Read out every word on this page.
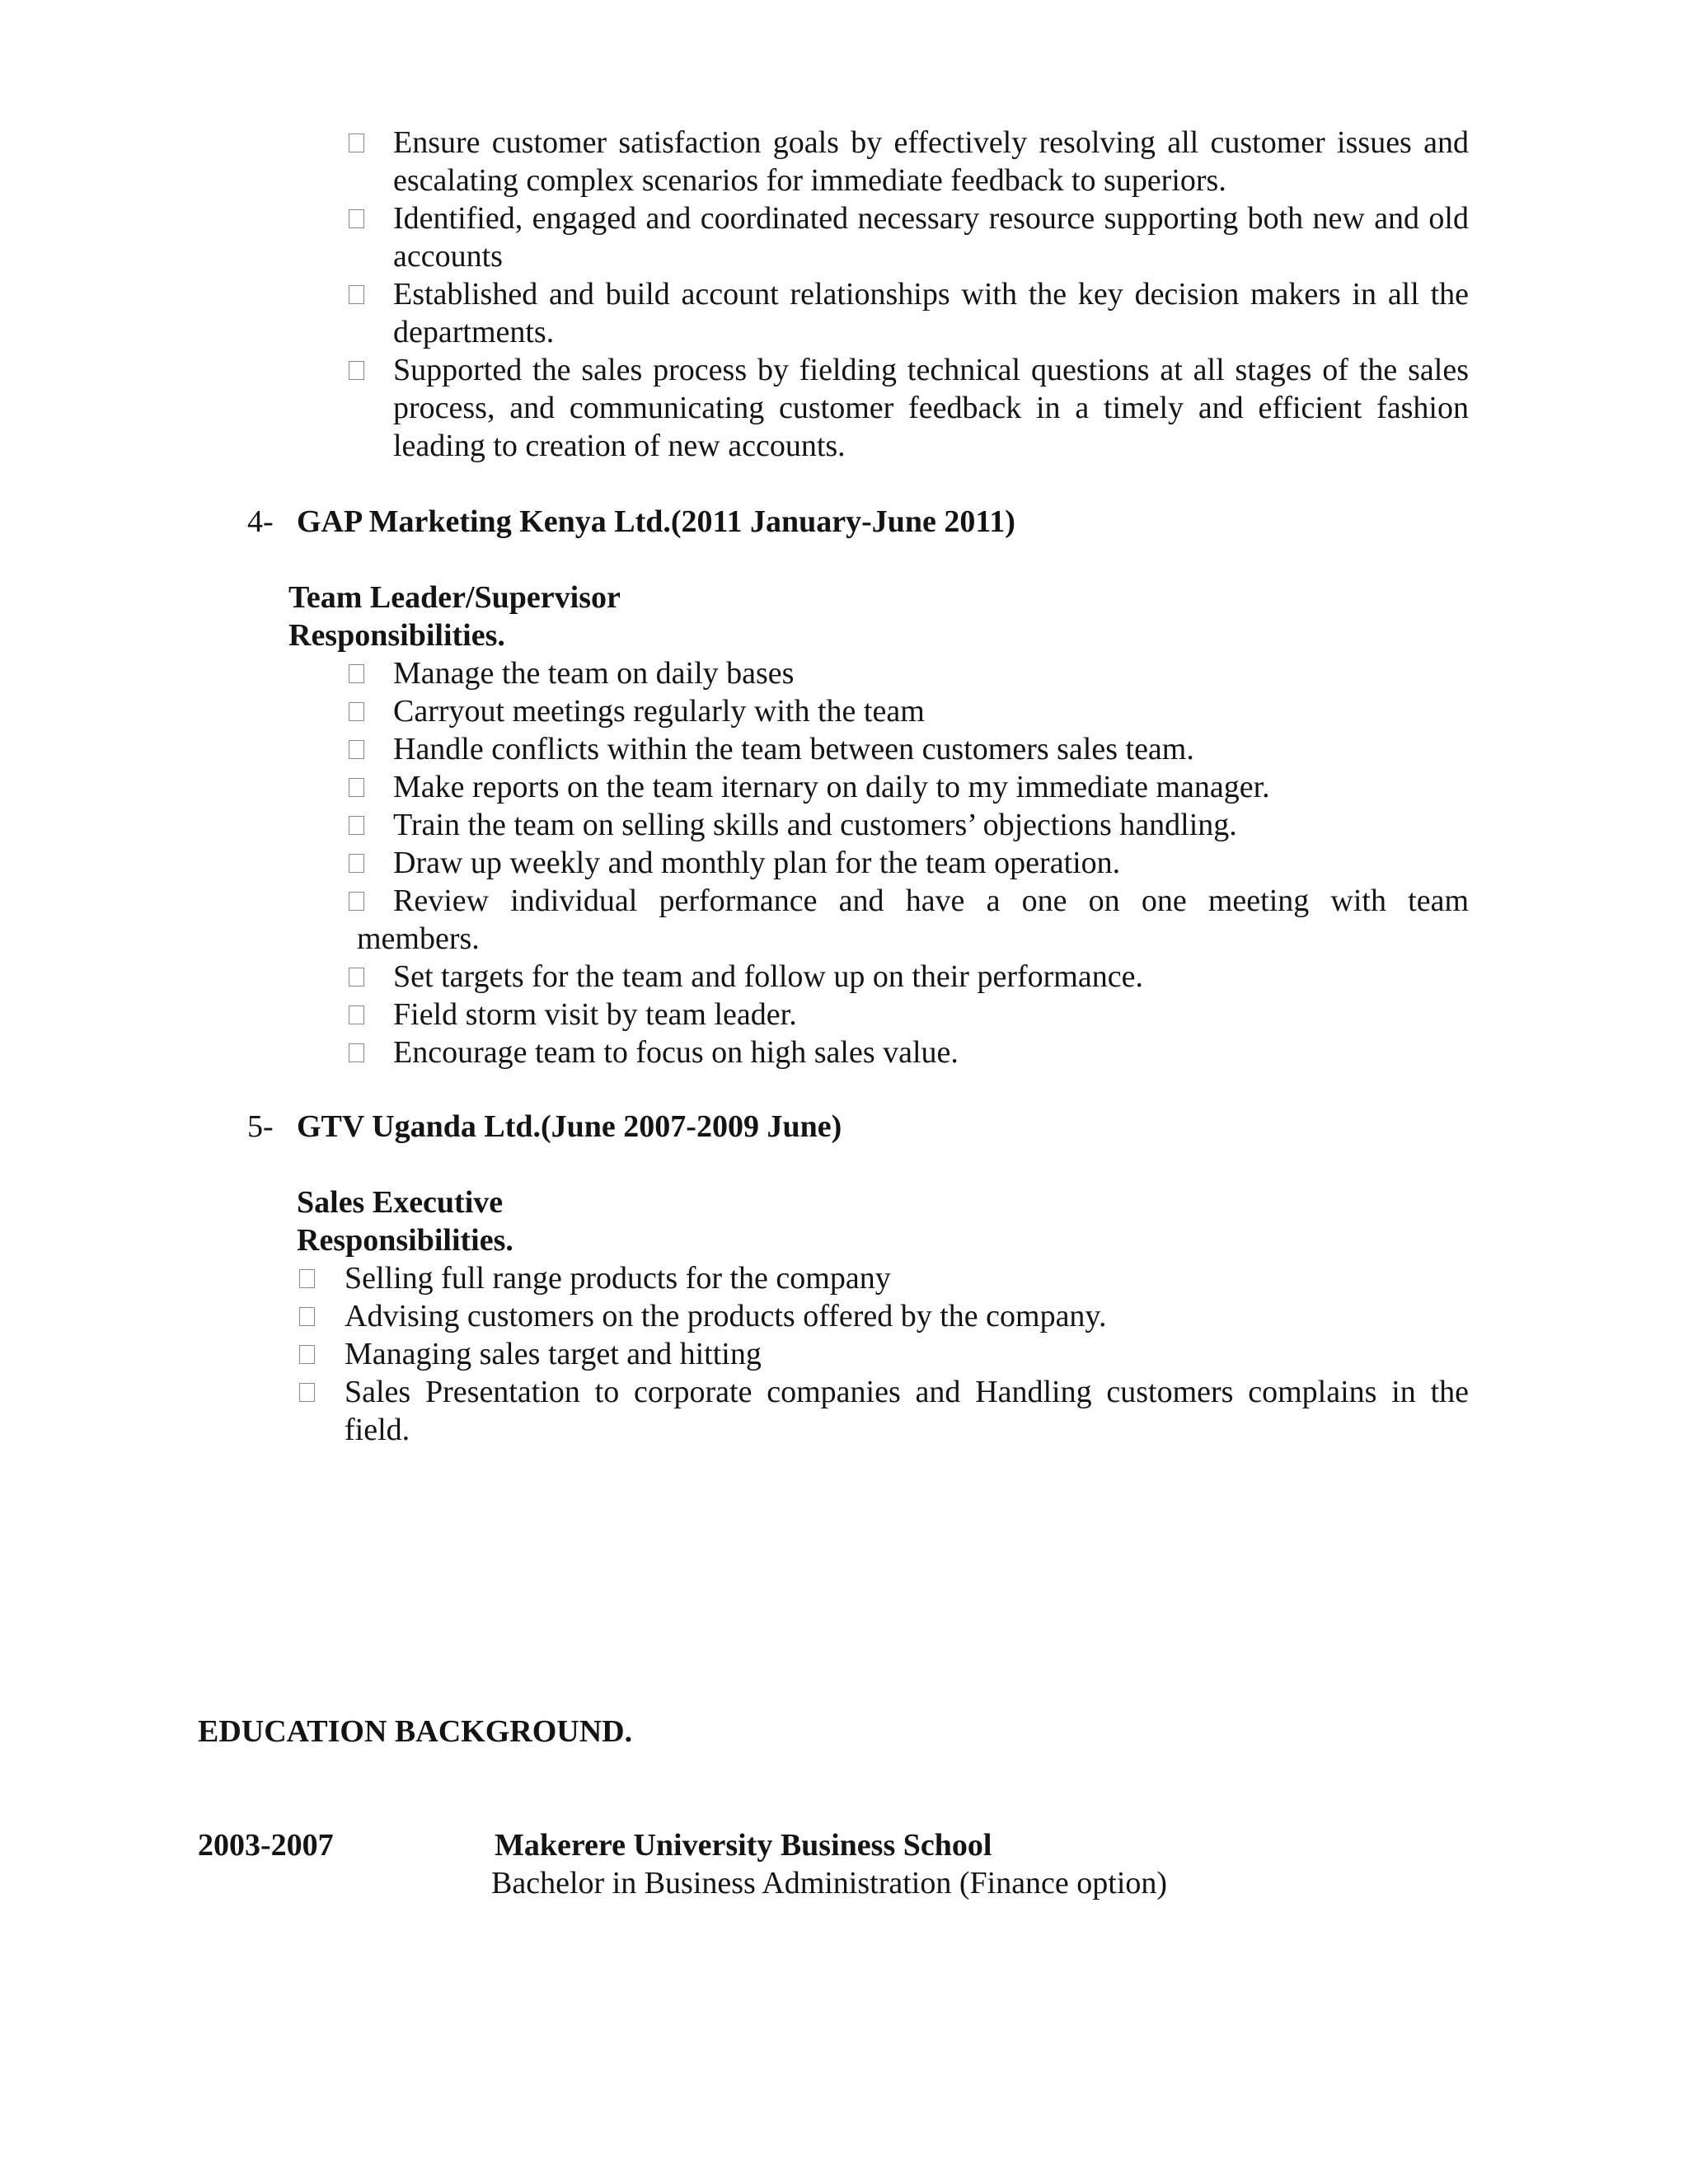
Ensure customer satisfaction goals by effectively resolving all customer issues and escalating complex scenarios for immediate feedback to superiors.
Identified, engaged and coordinated necessary resource supporting both new and old accounts
Established and build account relationships with the key decision makers in all the departments.
Supported the sales process by fielding technical questions at all stages of the sales process, and communicating customer feedback in a timely and efficient fashion leading to creation of new accounts.
4- GAP Marketing Kenya Ltd.(2011 January-June 2011)
Team Leader/Supervisor
Responsibilities.
Manage the team on daily bases
Carryout meetings regularly with the team
Handle conflicts within the team between customers sales team.
Make reports on the team iternary on daily to my immediate manager.
Train the team on selling skills and customers’ objections handling.
Draw up weekly and monthly plan for the team operation.
Review individual performance and have a one on one meeting with team
members.
Set targets for the team and follow up on their performance.
Field storm visit by team leader.
Encourage team to focus on high sales value.
5- GTV Uganda Ltd.(June 2007-2009 June)
Sales Executive
Responsibilities.
Selling full range products for the company
Advising customers on the products offered by the company.
Managing sales target and hitting
Sales Presentation to corporate companies and Handling customers complains in the field.
EDUCATION BACKGROUND.
2003-2007	Makerere University Business School
Bachelor in Business Administration (Finance option)
